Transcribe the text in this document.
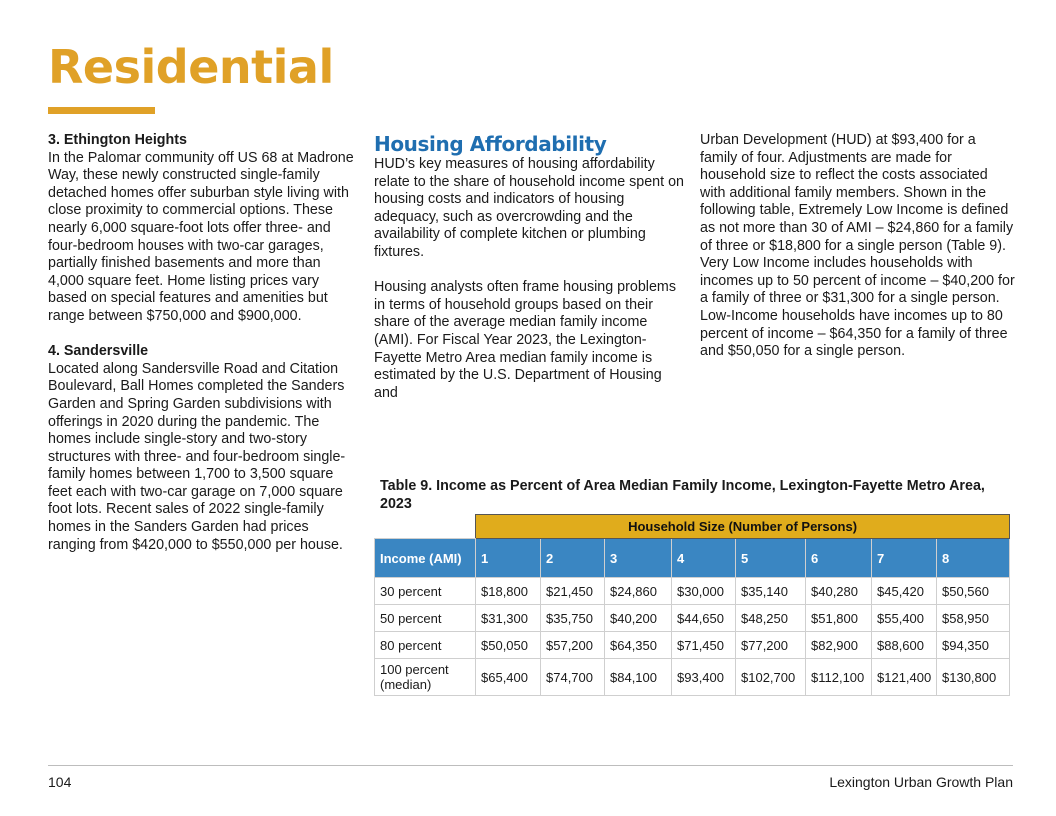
Residential

3. Ethington Heights

In the Palomar community off US 68 at Madrone Way, these newly constructed single-family detached homes offer suburban style living with close proximity to commercial options. These nearly 6,000 square-foot lots offer three- and four-bedroom houses with two-car garages, partially finished basements and more than 4,000 square feet. Home listing prices vary based on special features and amenities but range between $750,000 and $900,000.

4. Sandersville

Located along Sandersville Road and Citation Boulevard, Ball Homes completed the Sanders Garden and Spring Garden subdivisions with offerings in 2020 during the pandemic. The homes include single-story and two-story structures with three- and four-bedroom single-family homes between 1,700 to 3,500 square feet each with two-car garage on 7,000 square foot lots. Recent sales of 2022 single-family homes in the Sanders Garden had prices ranging from $420,000 to $550,000 per house.

Housing Affordability

HUD’s key measures of housing affordability relate to the share of household income spent on housing costs and indicators of housing adequacy, such as overcrowding and the availability of complete kitchen or plumbing fixtures.

Housing analysts often frame housing problems in terms of household groups based on their share of the average median family income (AMI). For Fiscal Year 2023, the Lexington-Fayette Metro Area median family income is estimated by the U.S. Department of Housing and

Urban Development (HUD) at $93,400 for a family of four. Adjustments are made for household size to reflect the costs associated with additional family members. Shown in the following table, Extremely Low Income is defined as not more than 30 of AMI – $24,860 for a family of three or $18,800 for a single person (Table 9). Very Low Income includes households with incomes up to 50 percent of income – $40,200 for a family of three or $31,300 for a single person. Low-Income households have incomes up to 80 percent of income – $64,350 for a family of three and $50,050 for a single person.

Table 9. Income as Percent of Area Median Family Income, Lexington-Fayette Metro Area, 2023

	Household Size (Number of Persons)							
Income (AMI)	1	2	3	4	5	6	7	8
30 percent	$18,800	$21,450	$24,860	$30,000	$35,140	$40,280	$45,420	$50,560
50 percent	$31,300	$35,750	$40,200	$44,650	$48,250	$51,800	$55,400	$58,950
80 percent	$50,050	$57,200	$64,350	$71,450	$77,200	$82,900	$88,600	$94,350
100 percent (median)	$65,400	$74,700	$84,100	$93,400	$102,700	$112,100	$121,400	$130,800
104	Lexington Urban Growth Plan
